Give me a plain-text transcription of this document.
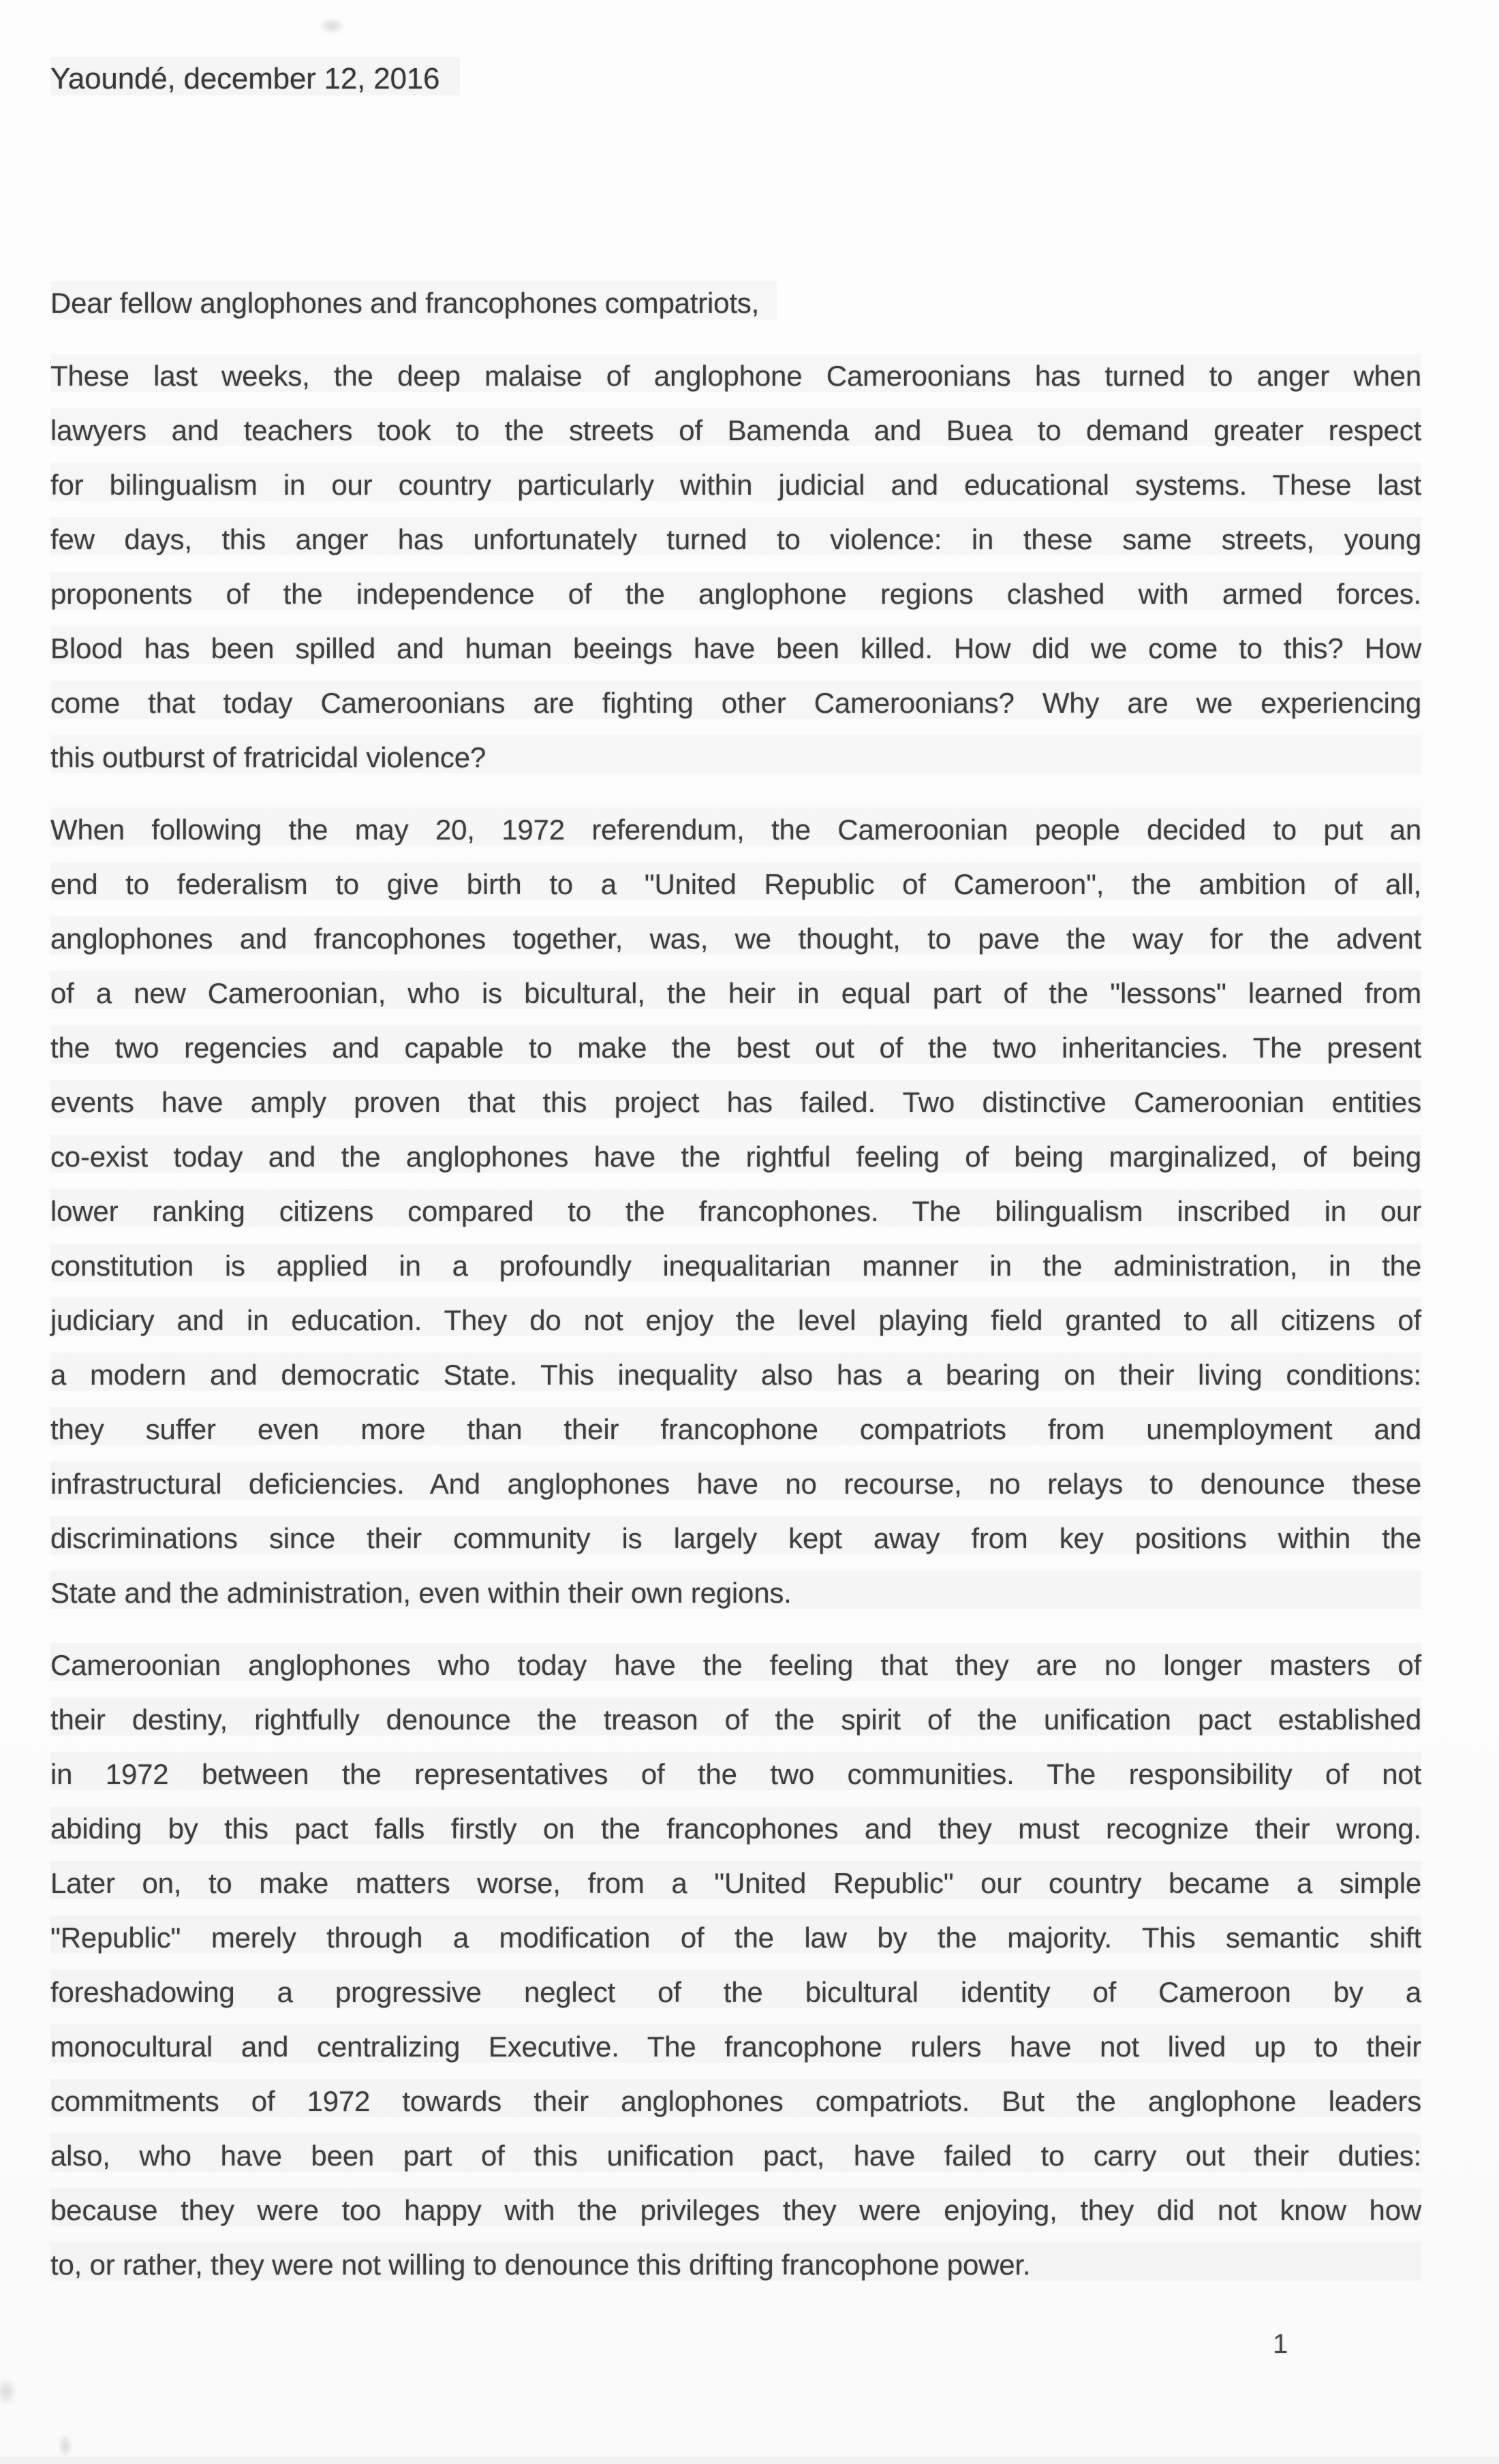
Yaoundé, december 12, 2016
Dear fellow anglophones and francophones compatriots,
These last weeks, the deep malaise of anglophone Cameroonians has turned to anger when
lawyers and teachers took to the streets of Bamenda and Buea to demand greater respect
for bilingualism in our country particularly within judicial and educational systems. These last
few days, this anger has unfortunately turned to violence: in these same streets, young
proponents of the independence of the anglophone regions clashed with armed forces.
Blood has been spilled and human beeings have been killed. How did we come to this? How
come that today Cameroonians are fighting other Cameroonians? Why are we experiencing
this outburst of fratricidal violence?
When following the may 20, 1972 referendum, the Cameroonian people decided to put an
end to federalism to give birth to a "United Republic of Cameroon", the ambition of all,
anglophones and francophones together, was, we thought, to pave the way for the advent
of a new Cameroonian, who is bicultural, the heir in equal part of the "lessons" learned from
the two regencies and capable to make the best out of the two inheritancies. The present
events have amply proven that this project has failed. Two distinctive Cameroonian entities
co-exist today and the anglophones have the rightful feeling of being marginalized, of being
lower ranking citizens compared to the francophones. The bilingualism inscribed in our
constitution is applied in a profoundly inequalitarian manner in the administration, in the
judiciary and in education. They do not enjoy the level playing field granted to all citizens of
a modern and democratic State. This inequality also has a bearing on their living conditions:
they suffer even more than their francophone compatriots from unemployment and
infrastructural deficiencies. And anglophones have no recourse, no relays to denounce these
discriminations since their community is largely kept away from key positions within the
State and the administration, even within their own regions.
Cameroonian anglophones who today have the feeling that they are no longer masters of
their destiny, rightfully denounce the treason of the spirit of the unification pact established
in 1972 between the representatives of the two communities. The responsibility of not
abiding by this pact falls firstly on the francophones and they must recognize their wrong.
Later on, to make matters worse, from a "United Republic" our country became a simple
"Republic" merely through a modification of the law by the majority. This semantic shift
foreshadowing a progressive neglect of the bicultural identity of Cameroon by a
monocultural and centralizing Executive. The francophone rulers have not lived up to their
commitments of 1972 towards their anglophones compatriots. But the anglophone leaders
also, who have been part of this unification pact, have failed to carry out their duties:
because they were too happy with the privileges they were enjoying, they did not know how
to, or rather, they were not willing to denounce this drifting francophone power.
1
